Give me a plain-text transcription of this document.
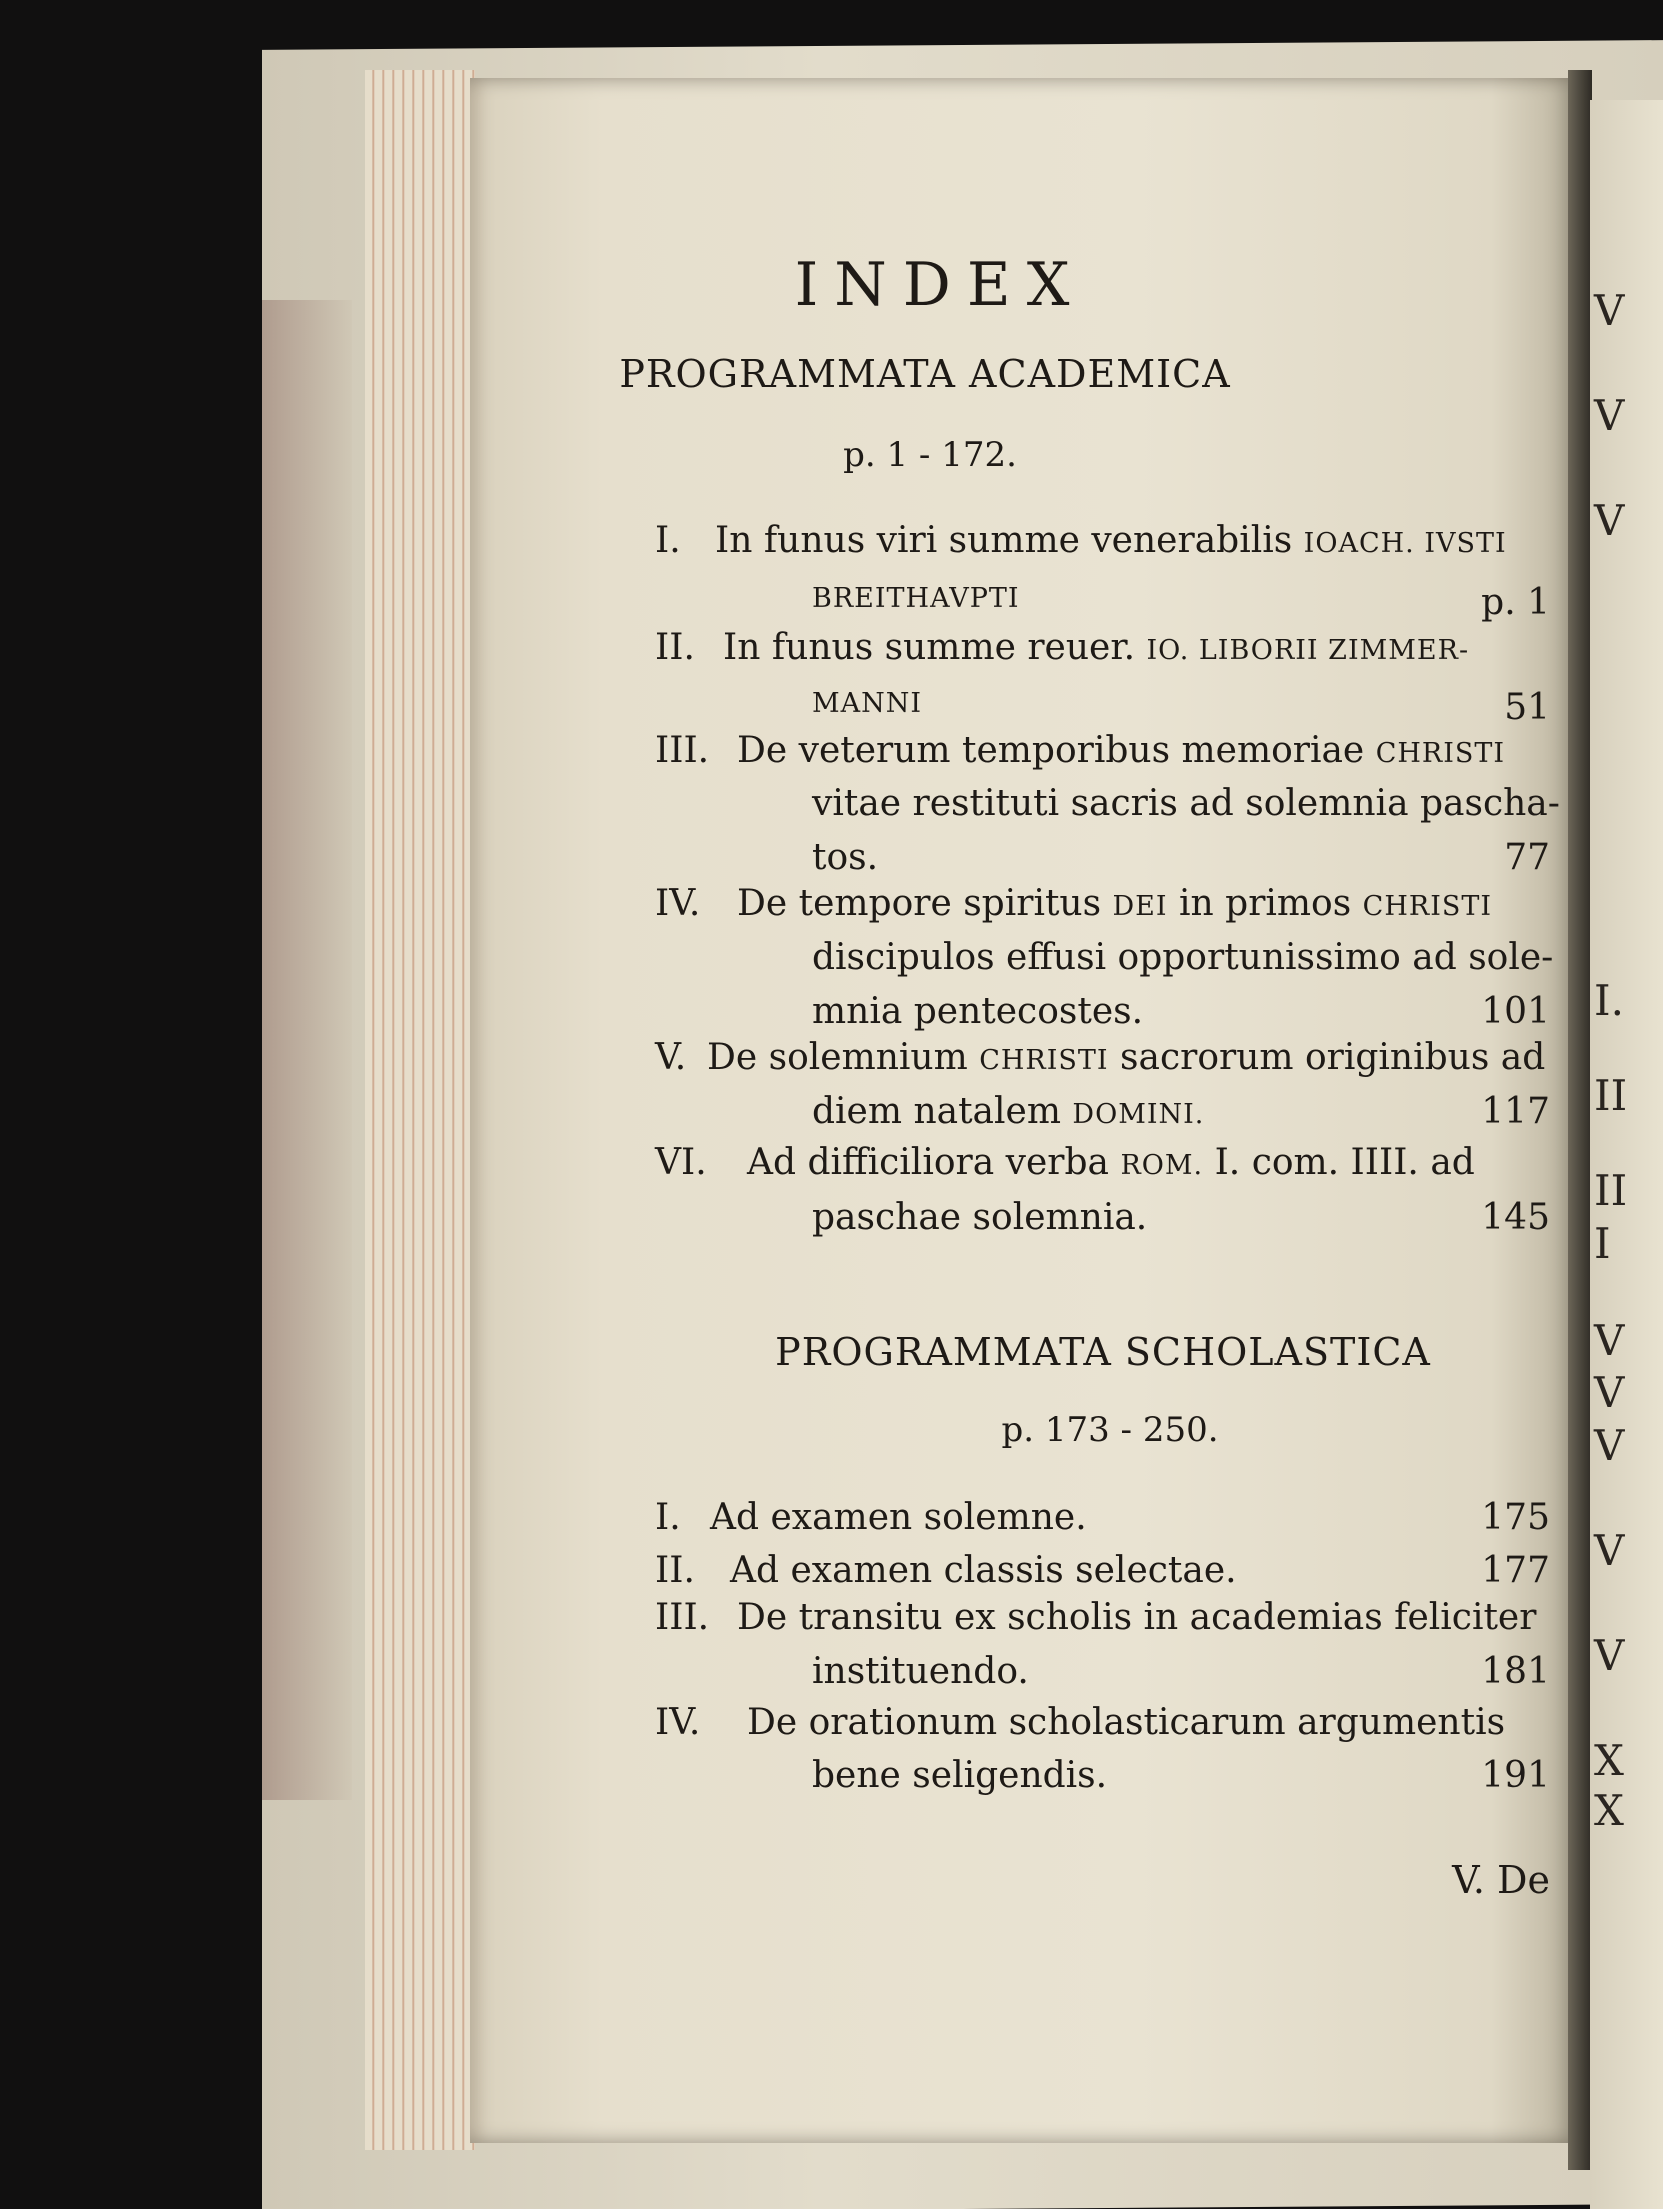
V
V
V
I.
II
II
I
V
V
V
V
V
X
X
INDEX
PROGRAMMATA ACADEMICA
p. 1 - 172.
I. In funus viri summe venerabilis IOACH. IVSTI
BREITHAVPTI	p. 1
II. In funus summe reuer. IO. LIBORII ZIMMER-
MANNI	51
III. De veterum temporibus memoriae CHRISTI
vitae restituti sacris ad solemnia pascha-
tos.	77
IV. De tempore spiritus DEI in primos CHRISTI
discipulos effusi opportunissimo ad sole-
mnia pentecostes.	101
V. De solemnium CHRISTI sacrorum originibus ad
diem natalem DOMINI.	117
VI. Ad difficiliora verba ROM. I. com. IIII. ad
paschae solemnia.	145
PROGRAMMATA SCHOLASTICA
p. 173 - 250.
I. Ad examen solemne.	175
II. Ad examen classis selectae.	177
III. De transitu ex scholis in academias feliciter
instituendo.	181
IV. De orationum scholasticarum argumentis
bene seligendis.	191
V. De
